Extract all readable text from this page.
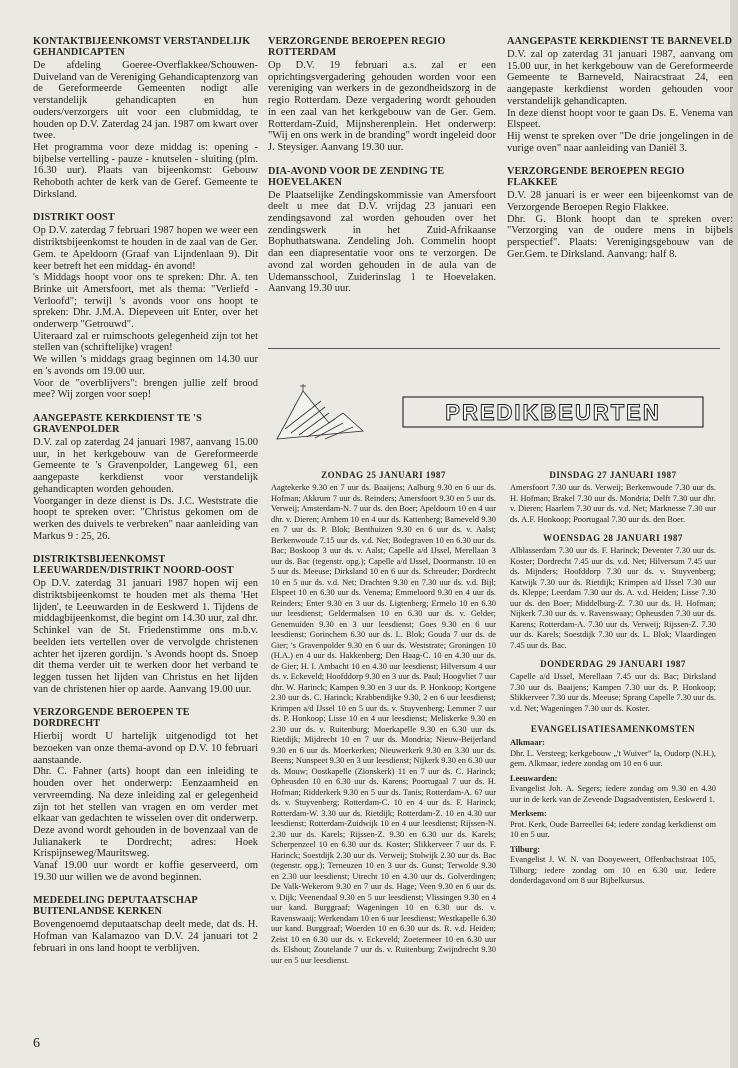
KONTAKTBIJEENKOMST VERSTANDELIJK GEHANDICAPTEN

De afdeling Goeree-Overflakkee/Schouwen-Duiveland van de Vereniging Gehandicaptenzorg van de Gereformeerde Gemeenten nodigt alle verstandelijk gehandicapten en hun ouders/verzorgers uit voor een clubmiddag, te houden op D.V. Zaterdag 24 jan. 1987 om kwart over twee.

Het programma voor deze middag is: opening - bijbelse vertelling - pauze - knutselen - sluiting (plm. 16.30 uur). Plaats van bijeenkomst: Gebouw Rehoboth achter de kerk van de Geref. Gemeente te Dirksland.

DISTRIKT OOST

Op D.V. zaterdag 7 februari 1987 hopen we weer een distriktsbijeenkomst te houden in de zaal van de Ger. Gem. te Apeldoorn (Graaf van Lijndenlaan 9). Dit keer betreft het een middag- én avond!

's Middags hoopt voor ons te spreken: Dhr. A. ten Brinke uit Amersfoort, met als thema: "Verliefd - Verloofd"; terwijl 's avonds voor ons hoopt te spreken: Dhr. J.M.A. Diepeveen uit Enter, over het onderwerp "Getrouwd".

Uiteraard zal er ruimschoots gelegenheid zijn tot het stellen van (schriftelijke) vragen!

We willen 's middags graag beginnen om 14.30 uur en 's avonds om 19.00 uur.

Voor de "overblijvers": brengen jullie zelf brood mee? Wij zorgen voor soep!

AANGEPASTE KERKDIENST TE 'S GRAVENPOLDER

D.V. zal op zaterdag 24 januari 1987, aanvang 15.00 uur, in het kerkgebouw van de Gereformeerde Gemeente te 's Gravenpolder, Langeweg 61, een aangepaste kerkdienst voor verstandelijk gehandicapten worden gehouden.

Voorganger in deze dienst is Ds. J.C. Weststrate die hoopt te spreken over: "Christus gekomen om de werken des duivels te verbreken" naar aanleiding van Markus 9 : 25, 26.

DISTRIKTSBIJEENKOMST LEEUWARDEN/DISTRIKT NOORD-OOST

Op D.V. zaterdag 31 januari 1987 hopen wij een distriktsbijeenkomst te houden met als thema 'Het lijden', te Leeuwarden in de Eeskwerd 1. Tijdens de middagbijeenkomst, die begint om 14.30 uur, zal dhr. Schinkel van de St. Friedenstimme ons m.b.v. beelden iets vertellen over de vervolgde christenen achter het ijzeren gordijn. 's Avonds hoopt ds. Snoep dit thema verder uit te werken door het verband te leggen tussen het lijden van Christus en het lijden van de christenen hier op aarde. Aanvang 19.00 uur.

VERZORGENDE BEROEPEN TE DORDRECHT

Hierbij wordt U hartelijk uitgenodigd tot het bezoeken van onze thema-avond op D.V. 10 februari aanstaande.

Dhr. C. Fahner (arts) hoopt dan een inleiding te houden over het onderwerp: Eenzaamheid en vervreemding. Na deze inleiding zal er gelegenheid zijn tot het stellen van vragen en om verder met elkaar van gedachten te wisselen over dit onderwerp. Deze avond wordt gehouden in de bovenzaal van de Julianakerk te Dordrecht; adres: Hoek Krispijnseweg/Mauritsweg.

Vanaf 19.00 uur wordt er koffie geserveerd, om 19.30 uur willen we de avond beginnen.

MEDEDELING DEPUTAATSCHAP BUITENLANDSE KERKEN

Bovengenoemd deputaatschap deelt mede, dat ds. H. Hofman van Kalamazoo van D.V. 24 januari tot 2 februari in ons land hoopt te verblijven.

VERZORGENDE BEROEPEN REGIO ROTTERDAM

Op D.V. 19 februari a.s. zal er een oprichtingsvergadering gehouden worden voor een vereniging van werkers in de gezondheidszorg in de regio Rotterdam. Deze vergadering wordt gehouden in een zaal van het kerkgebouw van de Ger. Gem. Rotterdam-Zuid, Mijnsherenplein. Het onderwerp: "Wij en ons werk in de branding" wordt ingeleid door J. Steysiger. Aanvang 19.30 uur.

DIA-AVOND VOOR DE ZENDING TE HOEVELAKEN

De Plaatselijke Zendingskommissie van Amersfoort deelt u mee dat D.V. vrijdag 23 januari een zendingsavond zal worden gehouden over het zendingswerk in het Zuid-Afrikaanse Bophuthatswana. Zendeling Joh. Commelin hoopt dan een diapresentatie voor ons te verzorgen. De avond zal worden gehouden in de aula van de Udemansschool, Zuiderinslag 1 te Hoevelaken. Aanvang 19.30 uur.

AANGEPASTE KERKDIENST TE BARNEVELD

D.V. zal op zaterdag 31 januari 1987, aanvang om 15.00 uur, in het kerkgebouw van de Gereformeerde Gemeente te Barneveld, Nairacstraat 24, een aangepaste kerkdienst worden gehouden voor verstandelijk gehandicapten.

In deze dienst hoopt voor te gaan Ds. E. Venema van Elspeet.

Hij wenst te spreken over "De drie jongelingen in de vurige oven" naar aanleiding van Daniël 3.

VERZORGENDE BEROEPEN REGIO FLAKKEE

D.V. 28 januari is er weer een bijeenkomst van de Verzorgende Beroepen Regio Flakkee.

Dhr. G. Blonk hoopt dan te spreken over: "Verzorging van de oudere mens in bijbels perspectief". Plaats: Verenigingsgebouw van de Ger.Gem. te Dirksland. Aanvang: half 8.

PREDIKBEURTEN
ZONDAG 25 JANUARI 1987

Aagtekerke 9.30 en 7 uur ds. Baaijens; Aalburg 9.30 en 6 uur ds. Hofman; Akkrum 7 uur ds. Reinders; Amersfoort 9.30 en 5 uur ds. Verweij; Amsterdam-N. 7 uur ds. den Boer; Apeldoorn 10 en 4 uur dhr. v. Dieren; Arnhem 10 en 4 uur ds. Kattenberg; Barneveld 9.30 en 7 uur ds. P. Blok; Benthuizen 9.30 en 6 uur ds. v. Aalst; Berkenwoude 7.15 uur ds. v.d. Net; Bodegraven 10 en 6.30 uur ds. Bac; Boskoop 3 uur ds. v. Aalst; Capelle a/d IJssel, Merellaan 3 uur ds. Bac (tegenstr. opg.); Capelle a/d IJssel, Doormanstr. 10 en 5 uur ds. Meeuse; Dirksland 10 en 6 uur ds. Schreuder; Dordrecht 10 en 5 uur ds. v.d. Net; Drachten 9.30 en 7.30 uur ds. v.d. Bijl; Elspeet 10 en 6.30 uur ds. Venema; Emmeloord 9.30 en 4 uur ds. Reinders; Enter 9.30 en 3 uur ds. Ligtenberg; Ermelo 10 en 6.30 uur leesdienst; Geldermalsen 10 en 6.30 uur ds. v. Gelder; Genemuiden 9.30 en 3 uur leesdienst; Goes 9.30 en 6 uur leesdienst; Gorinchem 6.30 uur ds. L. Blok; Gouda 7 uur ds. de Gier; 's Gravenpolder 9.30 en 6 uur ds. Weststrate; Groningen 10 (H.A.) en 4 uur ds. Hakkenberg; Den Haag-C. 10 en 4.30 uur ds. de Gier; H. I. Ambacht 10 en 4.30 uur leesdienst; Hilversum 4 uur ds. v. Eckeveld; Hoofddorp 9.30 en 3 uur ds. Paul; Hoogvliet 7 uur dhr. W. Harinck; Kampen 9.30 en 3 uur ds. P. Honkoop; Kortgene 2.30 uur ds. C. Harinck; Krabbendijke 9.30, 2 en 6 uur leesdienst; Krimpen a/d IJssel 10 en 5 uur ds. v. Stuyvenberg; Lemmer 7 uur ds. P. Honkoop; Lisse 10 en 4 uur leesdienst; Meliskerke 9.30 en 2.30 uur ds. v. Ruitenburg; Moerkapelle 9.30 en 6.30 uur ds. Rietdijk; Mijdrecht 10 en 7 uur ds. Mondria; Nieuw-Beijerland 9.30 en 6 uur ds. Moerkerken; Nieuwerkerk 9.30 en 3.30 uur ds. Beens; Nunspeet 9.30 en 3 uur leesdienst; Nijkerk 9.30 en 6.30 uur ds. Mouw; Oostkapelle (Zionskerk) 11 en 7 uur ds. C. Harinck; Opheusden 10 en 6.30 uur ds. Karens; Poortugaal 7 uur ds. H. Hofman; Ridderkerk 9.30 en 5 uur ds. Tanis; Rotterdam-A. 6? uur ds. v. Stuyvenberg; Rotterdam-C. 10 en 4 uur ds. F. Harinck; Rotterdam-W. 3.30 uur ds. Rietdijk; Rotterdam-Z. 10 en 4.30 uur leesdienst; Rotterdam-Zuidwijk 10 en 4 uur leesdienst; Rijssen-N. 2.30 uur ds. Karels; Rijssen-Z. 9.30 en 6.30 uur ds. Karels; Scherpenzeel 10 en 6.30 uur ds. Koster; Slikkerveer 7 uur ds. F. Harinck; Soestdijk 2.30 uur ds. Verweij; Stolwijk 2.30 uur ds. Bac (tegenstr. opg.); Terneuzen 10 en 3 uur ds. Gunst; Terwolde 9.30 en 2.30 uur leesdienst; Utrecht 10 en 4.30 uur ds. Golverdingen; De Valk-Wekerom 9.30 en 7 uur ds. Hage; Veen 9.30 en 6 uur ds. v. Dijk; Veenendaal 9.30 en 5 uur leesdienst; Vlissingen 9.30 en 4 uur kand. Burggraaf; Wageningen 10 en 6.30 uur ds. v. Ravenswaaij; Werkendam 10 en 6 uur leesdienst; Westkapelle 6.30 uur kand. Burggraaf; Woerden 10 en 6.30 uur ds. R. v.d. Heiden; Zeist 10 en 6.30 uur ds. v. Eckeveld; Zoetermeer 10 en 6.30 uur ds. Elshout; Zoutelande 7 uur ds. v. Ruitenburg; Zwijndrecht 9.30 uur en 5 uur leesdienst.

DINSDAG 27 JANUARI 1987

Amersfoort 7.30 uur ds. Verweij; Berkenwoude 7.30 uur ds. H. Hofman; Brakel 7.30 uur ds. Mondria; Delft 7.30 uur dhr. v. Dieren; Haarlem 7.30 uur ds. v.d. Net; Marknesse 7.30 uur ds. A.F. Honkoop; Poortugaal 7.30 uur ds. den Boer.

WOENSDAG 28 JANUARI 1987

Alblasserdam 7.30 uur ds. F. Harinck; Deventer 7.30 uur ds. Koster; Dordrecht 7.45 uur ds. v.d. Net; Hilversum 7.45 uur ds. Mijnders; Hoofddorp 7.30 uur ds. v. Stuyvenberg; Katwijk 7.30 uur ds. Rietdijk; Krimpen a/d IJssel 7.30 uur ds. Kleppe; Leerdam 7.30 uur ds. A. v.d. Heiden; Lisse 7.30 uur ds. den Boer; Middelburg-Z. 7.30 uur ds. H. Hofman; Nijkerk 7.30 uur ds. v. Ravenswaay; Opheusden 7.30 uur ds. Karens; Rotterdam-A. 7.30 uur ds. Verweij; Rijssen-Z. 7.30 uur ds. Karels; Soestdijk 7.30 uur ds. L. Blok; Vlaardingen 7.45 uur ds. Bac.

DONDERDAG 29 JANUARI 1987

Capelle a/d IJssel, Merellaan 7.45 uur ds. Bac; Dirksland 7.30 uur ds. Baaijens; Kampen 7.30 uur ds. P. Honkoop; Slikkerveer 7.30 uur ds. Meeuse; Sprang Capelle 7.30 uur ds. v.d. Net; Wageningen 7.30 uur ds. Koster.

EVANGELISATIESAMENKOMSTEN
Alkmaar:

Dhr. L. Versteeg; kerkgebouw „'t Wuiver” la, Oudorp (N.H.), gem. Alkmaar, iedere zondag om 10 en 6 uur.

Leeuwarden:

Evangelist Joh. A. Segers; iedere zondag om 9.30 en 4.30 uur in de kerk van de Zevende Dagsadventisten, Eeskwerd 1.

Merksem:

Prot. Kerk, Oude Barreellei 64; iedere zondag kerkdienst om 10 en 5 uur.

Tilburg:

Evangelist J. W. N. van Dooyeweert, Offenbachstraat 105, Tilburg; iedere zondag om 10 en 6.30 uur. Iedere donderdagavond om 8 uur Bijbelkursus.

6
